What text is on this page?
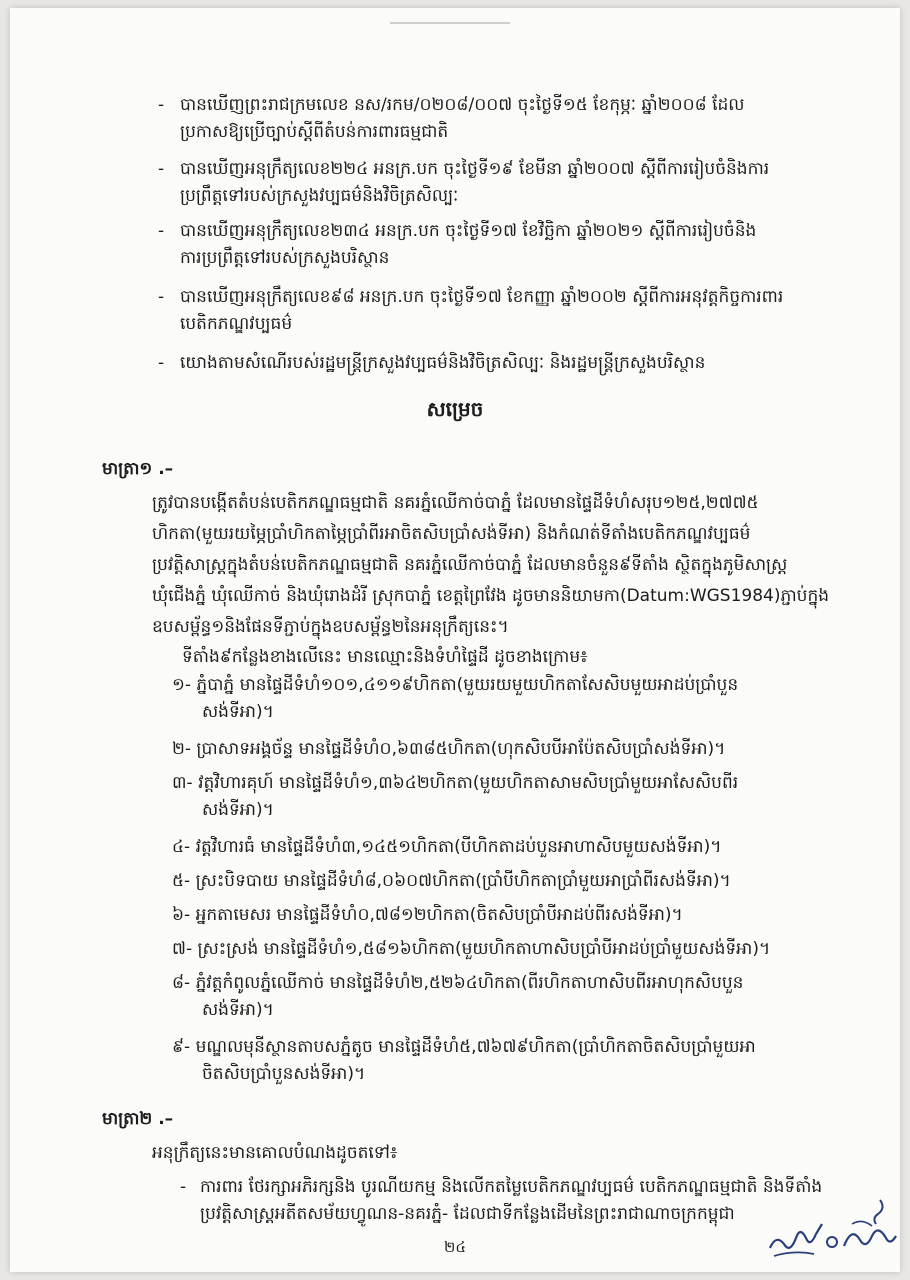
- បានឃើញព្រះរាជក្រមលេខ នស/រកម/០២០៨/០០៧ ចុះថ្ងៃទី១៥ ខែកុម្ភៈ ឆ្នាំ២០០៨ ដែល
ប្រកាសឱ្យប្រើច្បាប់ស្តីពីតំបន់ការពារធម្មជាតិ
- បានឃើញអនុក្រឹត្យលេខ២២៤ អនក្រ.បក ចុះថ្ងៃទី១៩ ខែមីនា ឆ្នាំ២០០៧ ស្តីពីការរៀបចំនិងការ
ប្រព្រឹត្តទៅរបស់ក្រសួងវប្បធម៌និងវិចិត្រសិល្បៈ
- បានឃើញអនុក្រឹត្យលេខ២៣៤ អនក្រ.បក ចុះថ្ងៃទី១៧ ខែវិច្ឆិកា ឆ្នាំ២០២១ ស្តីពីការរៀបចំនិង
ការប្រព្រឹត្តទៅរបស់ក្រសួងបរិស្ថាន
- បានឃើញអនុក្រឹត្យលេខ៩៨ អនក្រ.បក ចុះថ្ងៃទី១៧ ខែកញ្ញា ឆ្នាំ២០០២ ស្តីពីការអនុវត្តកិច្ចការពារ
បេតិកភណ្ឌវប្បធម៌
- យោងតាមសំណើរបស់រដ្ឋមន្ត្រីក្រសួងវប្បធម៌និងវិចិត្រសិល្បៈ និងរដ្ឋមន្ត្រីក្រសួងបរិស្ថាន
សម្រេច
មាត្រា១ .–
ត្រូវបានបង្កើតតំបន់បេតិកភណ្ឌធម្មជាតិ នគរភ្នំឈើកាច់បាភ្នំ ដែលមានផ្ទៃដីទំហំសរុប១២៥,២៧៧៥
ហិកតា(មួយរយម្ភៃប្រាំហិកតាម្ភៃប្រាំពីរអាចិតសិបប្រាំសង់ទីអា) និងកំណត់ទីតាំងបេតិកភណ្ឌវប្បធម៌
ប្រវត្តិសាស្ត្រក្នុងតំបន់បេតិកភណ្ឌធម្មជាតិ នគរភ្នំឈើកាច់បាភ្នំ ដែលមានចំនួន៩ទីតាំង ស្ថិតក្នុងភូមិសាស្ត្រ
ឃុំជើងភ្នំ ឃុំឈើកាច់ និងឃុំរោងដំរី ស្រុកបាភ្នំ ខេត្តព្រៃវែង ដូចមាននិយាមកា(Datum:WGS1984)ភ្ជាប់ក្នុង
ឧបសម្ព័ន្ធ១និងផែនទីភ្ជាប់ក្នុងឧបសម្ព័ន្ធ២នៃអនុក្រឹត្យនេះ។
ទីតាំង៩កន្លែងខាងលើនេះ មានឈ្មោះនិងទំហំផ្ទៃដី ដូចខាងក្រោម៖
១- ភ្នំបាភ្នំ មានផ្ទៃដីទំហំ១០១,៤១១៩ហិកតា(មួយរយមួយហិកតាសែសិបមួយអាដប់ប្រាំបួន
សង់ទីអា)។
២- ប្រាសាទអង្គច័ន្ទ មានផ្ទៃដីទំហំ០,៦៣៨៥ហិកតា(ហុកសិបបីអាប៉ែតសិបប្រាំសង់ទីអា)។
៣- វត្តវិហារគុហ៍ មានផ្ទៃដីទំហំ១,៣៦៤២ហិកតា(មួយហិកតាសាមសិបប្រាំមួយអាសែសិបពីរ
សង់ទីអា)។
៤- វត្តវិហារធំ មានផ្ទៃដីទំហំ៣,១៤៥១ហិកតា(បីហិកតាដប់បួនអាហាសិបមួយសង់ទីអា)។
៥- ស្រះបិទបាយ មានផ្ទៃដីទំហំ៨,០៦០៧ហិកតា(ប្រាំបីហិកតាប្រាំមួយអាប្រាំពីរសង់ទីអា)។
៦- អ្នកតាមេសរ មានផ្ទៃដីទំហំ០,៧៨១២ហិកតា(ចិតសិបប្រាំបីអាដប់ពីរសង់ទីអា)។
៧- ស្រះស្រង់ មានផ្ទៃដីទំហំ១,៥៨១៦ហិកតា(មួយហិកតាហាសិបប្រាំបីអាដប់ប្រាំមួយសង់ទីអា)។
៨- ភ្នំវត្តកំពូលភ្នំឈើកាច់ មានផ្ទៃដីទំហំ២,៥២៦៤ហិកតា(ពីរហិកតាហាសិបពីរអាហុកសិបបួន
សង់ទីអា)។
៩- មណ្ឌលមុនីស្ថានតាបសភ្នំតូច មានផ្ទៃដីទំហំ៥,៧៦៧៩ហិកតា(ប្រាំហិកតាចិតសិបប្រាំមួយអា
ចិតសិបប្រាំបួនសង់ទីអា)។
មាត្រា២ .–
អនុក្រឹត្យនេះមានគោលបំណងដូចតទៅ៖
- ការពារ ថែរក្សាអភិរក្សនិង បូរណីយកម្ម និងលើកតម្លៃបេតិកភណ្ឌវប្បធម៌ បេតិកភណ្ឌធម្មជាតិ និងទីតាំង
ប្រវត្តិសាស្ត្រអតីតសម័យហ្វូណន-នគរភ្នំ- ដែលជាទីកន្លែងដើមនៃព្រះរាជាណាចក្រកម្ពុជា
២៤
